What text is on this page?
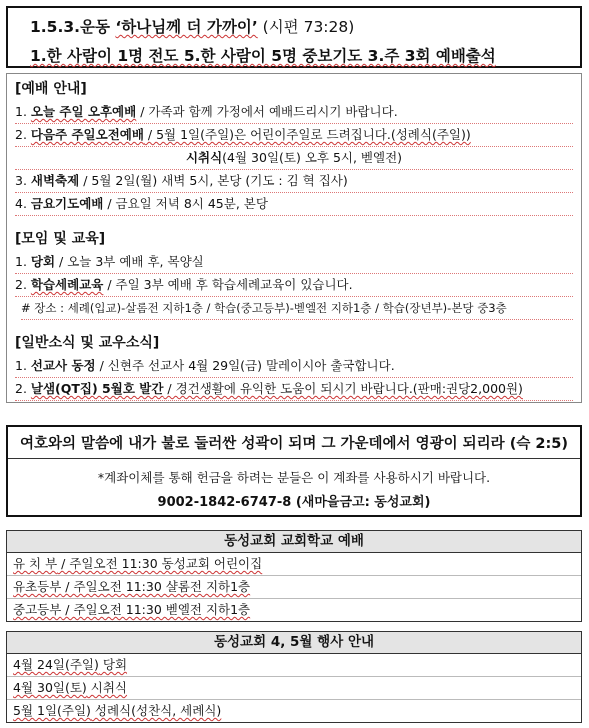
1.5.3.운동 ‘하나님께 더 가까이’ (시편 73:28)
1.한 사람이 1명 전도 5.한 사람이 5명 중보기도 3.주 3회 예배출석
[예배 안내]
1. 오늘 주일 오후예배 / 가족과 함께 가정에서 예배드리시기 바랍니다.
2. 다음주 주일오전예배 / 5월 1일(주일)은 어린이주일로 드려집니다.(성례식(주일))
시취식(4월 30일(토) 오후 5시, 벧엘전)
3. 새벽축제 / 5월 2일(월) 새벽 5시, 본당 (기도 : 김 혁 집사)
4. 금요기도예배 / 금요일 저녁 8시 45분, 본당
[모임 및 교육]
1. 당회 / 오늘 3부 예배 후, 목양실
2. 학습세례교육 / 주일 3부 예배 후 학습세례교육이 있습니다.
# 장소 : 세례(입교)-살롬전 지하1층 / 학습(중고등부)-벧엘전 지하1층 / 학습(장년부)-본당 중3층
[일반소식 및 교우소식]
1. 선교사 동정 / 신현주 선교사 4월 29일(금) 말레이시아 출국합니다.
2. 날샘(QT집) 5월호 발간 / 경건생활에 유익한 도움이 되시기 바랍니다.(판매:권당2,000원)
여호와의 말씀에 내가 불로 둘러싼 성곽이 되며 그 가운데에서 영광이 되리라 (슥 2:5)
*계좌이체를 통해 헌금을 하려는 분들은 이 계좌를 사용하시기 바랍니다.
9002-1842-6747-8 (새마을금고: 동성교회)
동성교회 교회학교 예배
유 치 부 / 주일오전 11:30 동성교회 어린이집
유초등부 / 주일오전 11:30 샬롬전 지하1층
중고등부 / 주일오전 11:30 벧엘전 지하1층
동성교회 4, 5월 행사 안내
4월 24일(주일) 당회
4월 30일(토) 시취식
5월 1일(주일) 성례식(성찬식, 세례식)
